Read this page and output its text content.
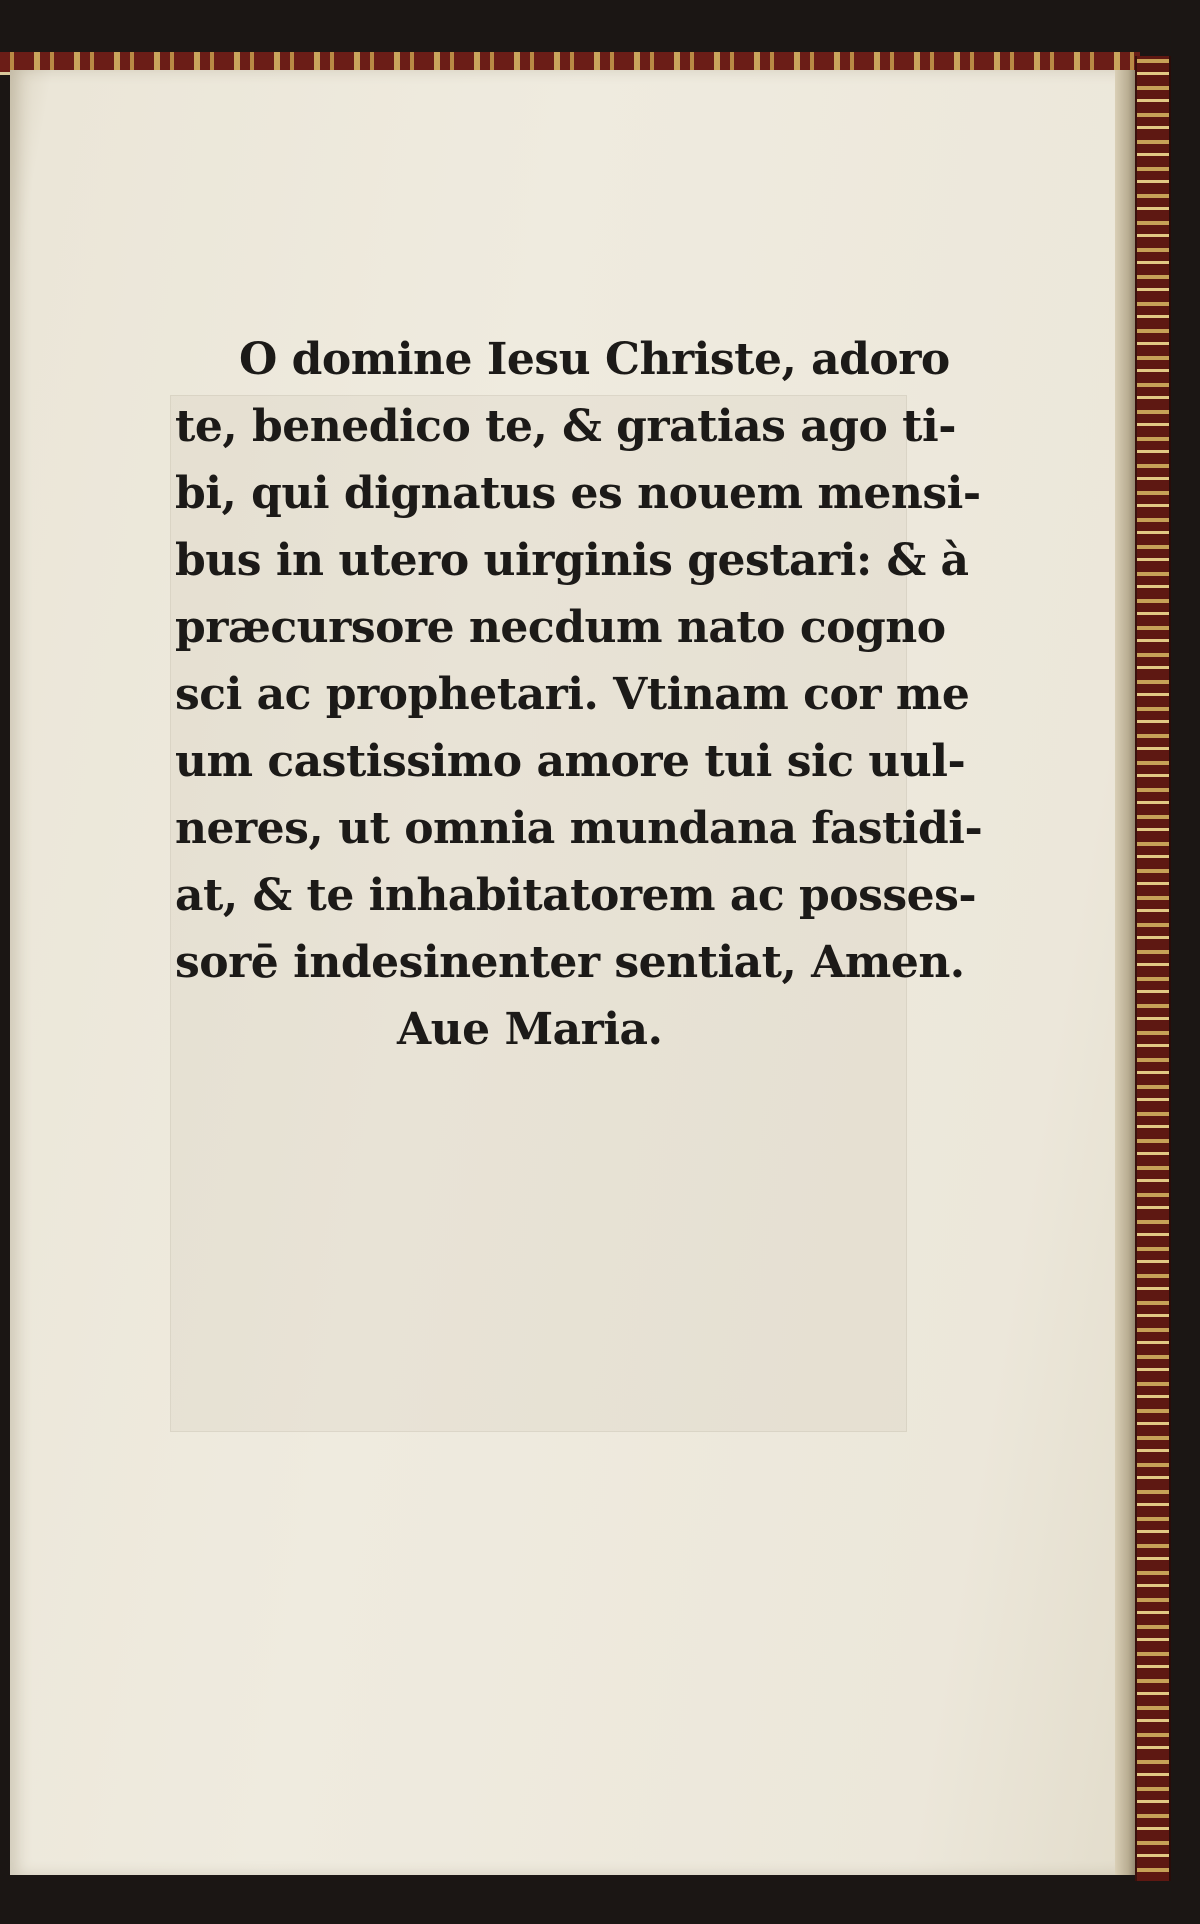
O domine Iesu Christe, adoro
te, benedico te, & gratias ago ti-
bi, qui dignatus es nouem mensi-
bus in utero uirginis gestari: & à
præcursore necdum nato cogno
sci ac prophetari. Vtinam cor me
um castissimo amore tui sic uul-
neres, ut omnia mundana fastidi-
at, & te inhabitatorem ac posses-
sorē indesinenter sentiat, Amen.
Aue Maria.
